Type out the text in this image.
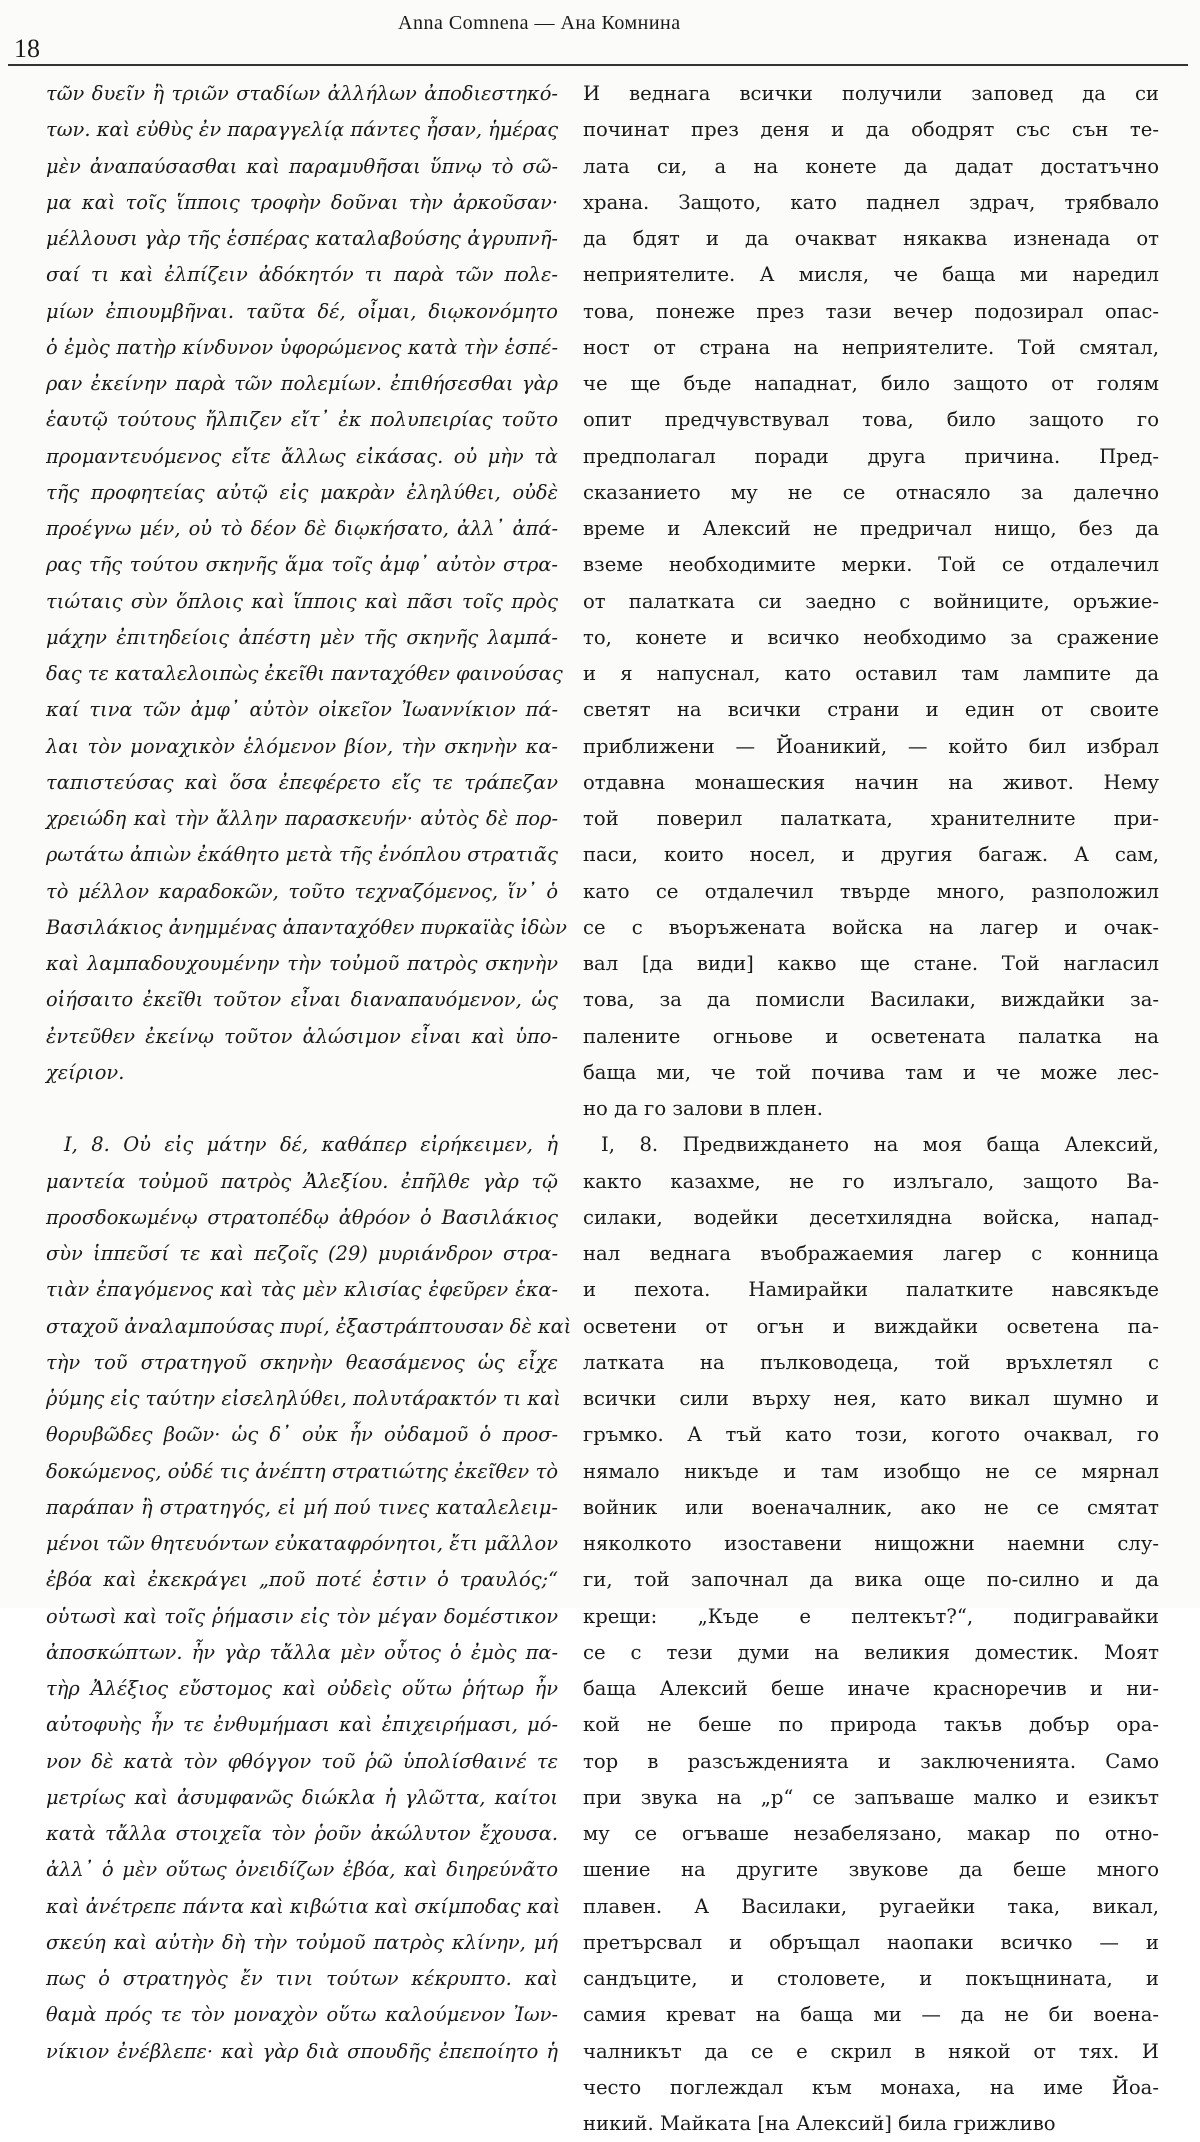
18
Anna Comnena — Ана Комнина
τῶν δυεῖν ἢ τριῶν σταδίων ἀλλήλων ἀποδιεστηκό-
των. καὶ εὐθὺς ἐν παραγγελίᾳ πάντες ἦσαν, ἡμέρας
μὲν ἀναπαύσασθαι καὶ παραμυθῆσαι ὕπνῳ τὸ σῶ-
μα καὶ τοῖς ἵπποις τροφὴν δοῦναι τὴν ἀρκοῦσαν·
μέλλουσι γὰρ τῆς ἑσπέρας καταλαβούσης ἀγρυπνῆ-
σαί τι καὶ ἐλπίζειν ἀδόκητόν τι παρὰ τῶν πολε-
μίων ἐπιουμβῆναι. ταῦτα δέ, οἶμαι, διῳκονόμητο
ὁ ἐμὸς πατὴρ κίνδυνον ὑφορώμενος κατὰ τὴν ἑσπέ-
ραν ἐκείνην παρὰ τῶν πολεμίων. ἐπιθήσεσθαι γὰρ
ἑαυτῷ τούτους ἤλπιζεν εἴτ᾽ ἐκ πολυπειρίας τοῦτο
προμαντευόμενος εἴτε ἄλλως εἰκάσας. οὐ μὴν τὰ
τῆς προφητείας αὐτῷ εἰς μακρὰν ἐληλύθει, οὐδὲ
προέγνω μέν, οὐ τὸ δέον δὲ διῳκήσατο, ἀλλ᾽ ἀπά-
ρας τῆς τούτου σκηνῆς ἅμα τοῖς ἀμφ᾽ αὐτὸν στρα-
τιώταις σὺν ὅπλοις καὶ ἵπποις καὶ πᾶσι τοῖς πρὸς
μάχην ἐπιτηδείοις ἀπέστη μὲν τῆς σκηνῆς λαμπά-
δας τε καταλελοιπὼς ἐκεῖθι πανταχόθεν φαινούσας
καί τινα τῶν ἀμφ᾽ αὐτὸν οἰκεῖον Ἰωαννίκιον πά-
λαι τὸν μοναχικὸν ἑλόμενον βίον, τὴν σκηνὴν κα-
ταπιστεύσας καὶ ὅσα ἐπεφέρετο εἴς τε τράπεζαν
χρειώδη καὶ τὴν ἄλλην παρασκευήν· αὐτὸς δὲ πορ-
ρωτάτω ἀπιὼν ἐκάθητο μετὰ τῆς ἐνόπλου στρατιᾶς
τὸ μέλλον καραδοκῶν, τοῦτο τεχναζόμενος, ἵν᾽ ὁ
Βασιλάκιος ἀνημμένας ἁπανταχόθεν πυρκαϊὰς ἰδὼν
καὶ λαμπαδουχουμένην τὴν τοὐμοῦ πατρὸς σκηνὴν
οἰήσαιτο ἐκεῖθι τοῦτον εἶναι διαναπαυόμενον, ὡς
ἐντεῦθεν ἐκείνῳ τοῦτον ἁλώσιμον εἶναι καὶ ὑπο-
χείριον.
I, 8. Οὐ εἰς μάτην δέ, καθάπερ εἰρήκειμεν, ἡ
μαντεία τοὐμοῦ πατρὸς Ἀλεξίου. ἐπῆλθε γὰρ τῷ
προσδοκωμένῳ στρατοπέδῳ ἀθρόον ὁ Βασιλάκιος
σὺν ἱππεῦσί τε καὶ πεζοῖς (29) μυριάνδρον στρα-
τιὰν ἐπαγόμενος καὶ τὰς μὲν κλισίας ἐφεῦρεν ἑκα-
σταχοῦ ἀναλαμπούσας πυρί, ἐξαστράπτουσαν δὲ καὶ
τὴν τοῦ στρατηγοῦ σκηνὴν θεασάμενος ὡς εἶχε
ῥύμης εἰς ταύτην εἰσεληλύθει, πολυτάρακτόν τι καὶ
θορυβῶδες βοῶν· ὡς δ᾽ οὐκ ἦν οὐδαμοῦ ὁ προσ-
δοκώμενος, οὐδέ τις ἀνέπτη στρατιώτης ἐκεῖθεν τὸ
παράπαν ἢ στρατηγός, εἰ μή πού τινες καταλελειμ-
μένοι τῶν θητευόντων εὐκαταφρόνητοι, ἔτι μᾶλλον
ἐβόα καὶ ἐκεκράγει „ποῦ ποτέ ἐστιν ὁ τραυλός;“
οὑτωσὶ καὶ τοῖς ῥήμασιν εἰς τὸν μέγαν δομέστικον
ἀποσκώπτων. ἦν γὰρ τἄλλα μὲν οὗτος ὁ ἐμὸς πα-
τὴρ Ἀλέξιος εὔστομος καὶ οὐδεὶς οὕτω ῥήτωρ ἦν
αὐτοφυὴς ἦν τε ἐνθυμήμασι καὶ ἐπιχειρήμασι, μό-
νον δὲ κατὰ τὸν φθόγγον τοῦ ῥῶ ὑπολίσθαινέ τε
μετρίως καὶ ἀσυμφανῶς διώκλα ἡ γλῶττα, καίτοι
κατὰ τἄλλα στοιχεῖα τὸν ῥοῦν ἀκώλυτον ἔχουσα.
ἀλλ᾽ ὁ μὲν οὕτως ὀνειδίζων ἐβόα, καὶ διηρεύνᾶτο
καὶ ἀνέτρεπε πάντα καὶ κιβώτια καὶ σκίμποδας καὶ
σκεύη καὶ αὐτὴν δὴ τὴν τοὐμοῦ πατρὸς κλίνην, μή
πως ὁ στρατηγὸς ἔν τινι τούτων κέκρυπτο. καὶ
θαμὰ πρός τε τὸν μοναχὸν οὕτω καλούμενον Ἰων-
νίκιον ἐνέβλεπε· καὶ γὰρ διὰ σπουδῆς ἐπεποίητο ἡ
И веднага всички получили заповед да си
починат през деня и да ободрят със сън те-
лата си, а на конете да дадат достатъчно
храна. Защото, като паднел здрач, трябвало
да бдят и да очакват някаква изненада от
неприятелите. А мисля, че баща ми наредил
това, понеже през тази вечер подозирал опас-
ност от страна на неприятелите. Той смятал,
че ще бъде нападнат, било защото от голям
опит предчувствувал това, било защото го
предполагал поради друга причина. Пред-
сказанието му не се отнасяло за далечно
време и Алексий не предричал нищо, без да
вземе необходимите мерки. Той се отдалечил
от палатката си заедно с войниците, оръжие-
то, конете и всичко необходимо за сражение
и я напуснал, като оставил там лампите да
светят на всички страни и един от своите
приближени — Йоаникий, — който бил избрал
отдавна монашеския начин на живот. Нему
той поверил палатката, хранителните при-
паси, които носел, и другия багаж. А сам,
като се отдалечил твърде много, разположил
се с въоръжената войска на лагер и очак-
вал [да види] какво ще стане. Той нагласил
това, за да помисли Василаки, виждайки за-
палените огньове и осветената палатка на
баща ми, че той почива там и че може лес-
но да го залови в плен.
I, 8. Предвиждането на моя баща Алексий,
както казахме, не го излъгало, защото Ва-
силаки, водейки десетхилядна войска, напад-
нал веднага въображаемия лагер с конница
и пехота. Намирайки палатките навсякъде
осветени от огън и виждайки осветена па-
латката на пълководеца, той връхлетял с
всички сили върху нея, като викал шумно и
гръмко. А тъй като този, когото очаквал, го
нямало никъде и там изобщо не се мярнал
войник или военачалник, ако не се смятат
няколкото изоставени нищожни наемни слу-
ги, той започнал да вика още по-силно и да
крещи: „Къде е пелтекът?“, подигравайки
се с тези думи на великия доместик. Моят
баща Алексий беше иначе красноречив и ни-
кой не беше по природа такъв добър ора-
тор в разсъжденията и заключенията. Само
при звука на „р“ се запъваше малко и езикът
му се огъваше незабелязано, макар по отно-
шение на другите звукове да беше много
плавен. А Василаки, ругаейки така, викал,
претърсвал и обръщал наопаки всичко — и
сандъците, и столовете, и покъщнината, и
самия креват на баща ми — да не би воена-
чалникът да се е скрил в някой от тях. И
често поглеждал към монаха, на име Йоа-
никий. Майката [на Алексий] била грижливо
